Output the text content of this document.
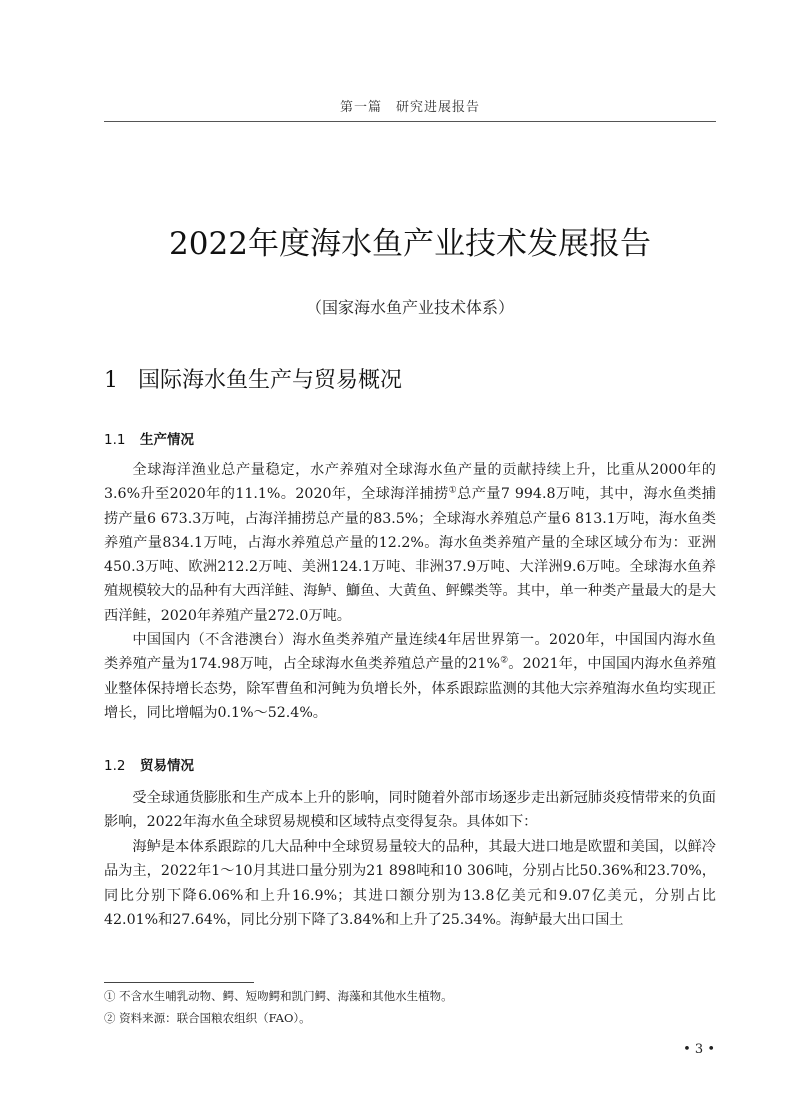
第一篇　研究进展报告
2022年度海水鱼产业技术发展报告
（国家海水鱼产业技术体系）
1 国际海水鱼生产与贸易概况
1.1 生产情况

全球海洋渔业总产量稳定，水产养殖对全球海水鱼产量的贡献持续上升，比重从2000年的3.6%升至2020年的11.1%。2020年，全球海洋捕捞①总产量7 994.8万吨，其中，海水鱼类捕捞产量6 673.3万吨，占海洋捕捞总产量的83.5%；全球海水养殖总产量6 813.1万吨，海水鱼类养殖产量834.1万吨，占海水养殖总产量的12.2%。海水鱼类养殖产量的全球区域分布为：亚洲450.3万吨、欧洲212.2万吨、美洲124.1万吨、非洲37.9万吨、大洋洲9.6万吨。全球海水鱼养殖规模较大的品种有大西洋鲑、海鲈、鰤鱼、大黄鱼、鲆鲽类等。其中，单一种类产量最大的是大西洋鲑，2020年养殖产量272.0万吨。

中国国内（不含港澳台）海水鱼类养殖产量连续4年居世界第一。2020年，中国国内海水鱼类养殖产量为174.98万吨，占全球海水鱼类养殖总产量的21%②。2021年，中国国内海水鱼养殖业整体保持增长态势，除军曹鱼和河鲀为负增长外，体系跟踪监测的其他大宗养殖海水鱼均实现正增长，同比增幅为0.1%～52.4%。

1.2 贸易情况

受全球通货膨胀和生产成本上升的影响，同时随着外部市场逐步走出新冠肺炎疫情带来的负面影响，2022年海水鱼全球贸易规模和区域特点变得复杂。具体如下：

海鲈是本体系跟踪的几大品种中全球贸易量较大的品种，其最大进口地是欧盟和美国，以鲜冷品为主，2022年1～10月其进口量分别为21 898吨和10 306吨，分别占比50.36%和23.70%，同比分别下降6.06%和上升16.9%；其进口额分别为13.8亿美元和9.07亿美元，分别占比42.01%和27.64%，同比分别下降了3.84%和上升了25.34%。海鲈最大出口国土

① 不含水生哺乳动物、鳄、短吻鳄和凯门鳄、海藻和其他水生植物。
② 资料来源：联合国粮农组织（FAO）。
• 3 •
